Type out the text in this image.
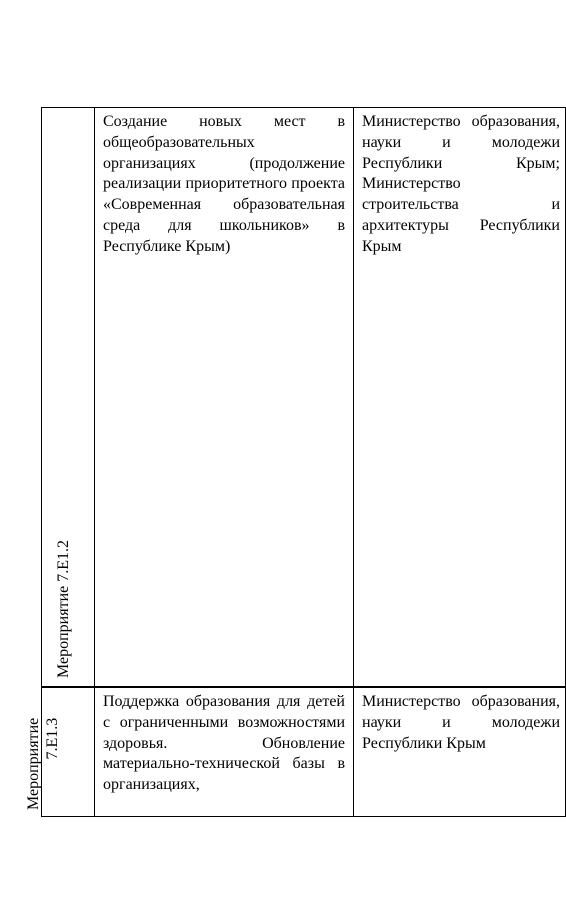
Мероприятие 7.Е1.2

Создание новых мест в общеобразовательных организациях (продолжение реализации приоритетного проекта «Современная образовательная среда для школьников» в Республике Крым)

Министерство образования, науки и молодежи Республики Крым; Министерство строительства и архитектуры Республики Крым

Мероприятие 7.Е1.3

Поддержка образования для детей с ограниченными возможностями здоровья. Обновление материально-технической базы в организациях,

Министерство образования, науки и молодежи Республики Крым
